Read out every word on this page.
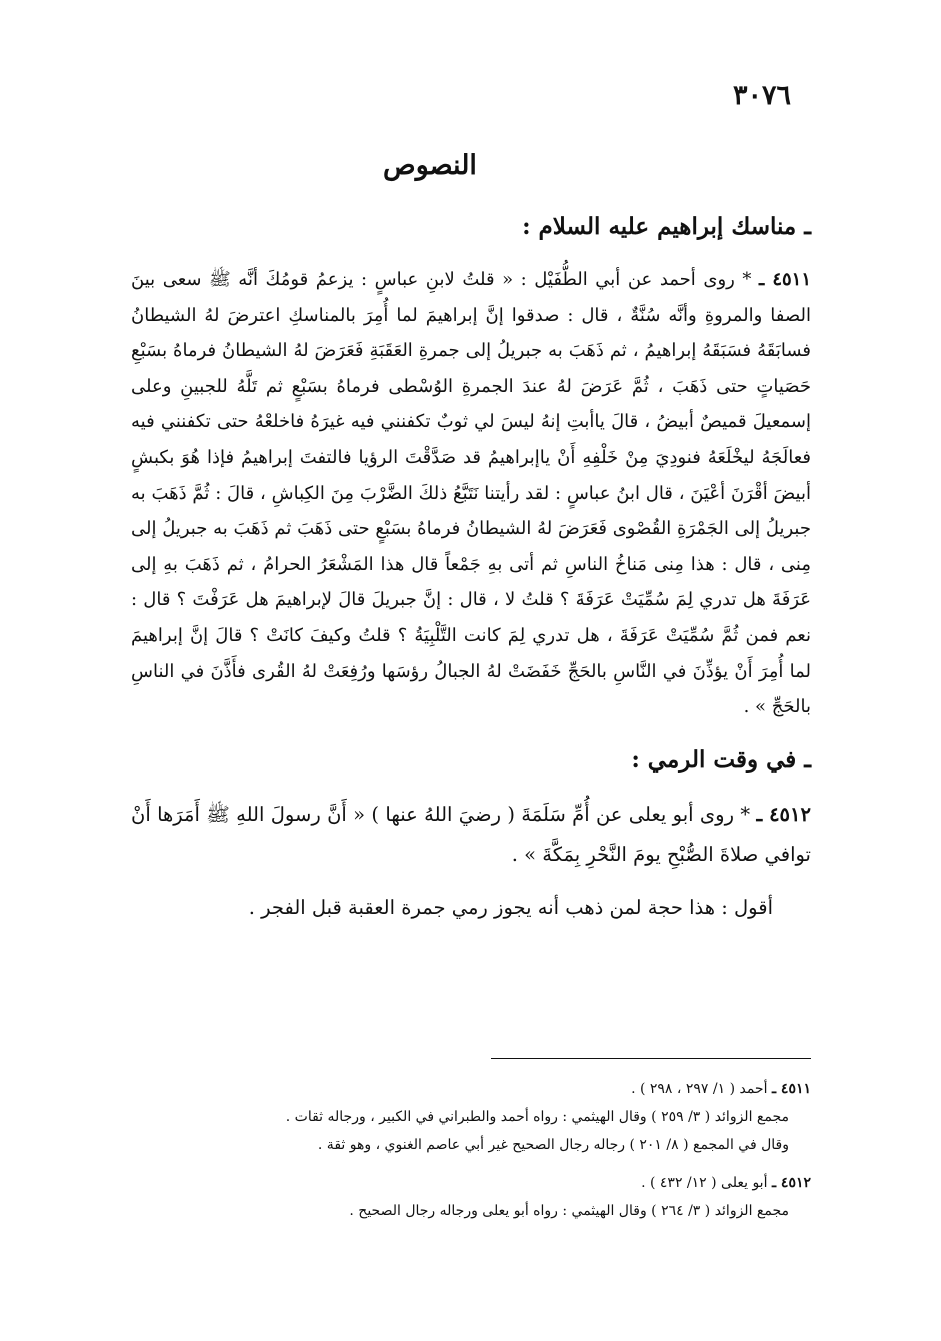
٣٠٧٦
النصوص
ـ مناسك إبراهيم عليه السلام :

٤٥١١ ـ * روى أحمد عن أبي الطُّفَيْل : « قلتُ لابنِ عباسٍ : يزعمُ قومُكَ أنَّه ﷺ سعى بينَ الصفا والمروةِ وأنَّه سُنَّةٌ ، قال : صدقوا إنَّ إبراهيمَ لما أُمِرَ بالمناسكِ اعترضَ لهُ الشيطانُ فسابَقَهُ فسَبَقَهُ إبراهيمُ ، ثم ذَهَبَ به جبريلُ إلى جمرةِ العَقَبَةِ فَعَرَضَ لهُ الشيطانُ فرماهُ بسَبْعِ حَصَياتٍ حتى ذَهَبَ ، ثُمَّ عَرَضَ لهُ عندَ الجمرةِ الوُسْطى فرماهُ بسَبْعٍ ثم تَلَّهُ للجبينِ وعلى إسمعيلَ قميصٌ أبيضُ ، قالَ ياأبتِ إنهُ ليسَ لي ثوبٌ تكفنني فيه غيرَهُ فاخلعْهُ حتى تكفنني فيه فعالَجَهُ ليخْلَعَهُ فنودِيَ مِنْ خَلْفِهِ أَنْ ياإبراهيمُ قد صَدَّقْتَ الرؤيا فالتفتَ إبراهيمُ فإذا هُوَ بكبشٍ أبيضَ أقْرَنَ أعْيَنَ ، قال ابنُ عباسٍ : لقد رأيتنا نَتَبَّعُ ذلكَ الضَّرْبَ مِنَ الكِباشِ ، قالَ : ثُمَّ ذَهَبَ به جبريلُ إلى الجَمْرَةِ القُصْوى فَعَرَضَ لهُ الشيطانُ فرماهُ بسَبْعٍ حتى ذَهَبَ ثم ذَهَبَ به جبريلُ إلى مِنى ، قال : هذا مِنى مَناخُ الناسِ ثم أتى بهِ جَمْعاً قال هذا المَشْعَرُ الحرامُ ، ثم ذَهَبَ بهِ إلى عَرَفَةَ هل تدري لِمَ سُمِّيَتْ عَرَفَةَ ؟ قلتُ لا ، قال : إنَّ جبريلَ قالَ لإبراهيمَ هل عَرَفْتَ ؟ قال : نعم فمن ثُمَّ سُمِّيَتْ عَرَفَةَ ، هل تدري لِمَ كانت التَّلْبِيَةُ ؟ قلتُ وكيفَ كانَتْ ؟ قالَ إنَّ إبراهيمَ لما أُمِرَ أَنْ يؤذِّنَ في النَّاسِ بالحَجِّ خَفَضَتْ لهُ الجبالُ رؤسَها ورُفِعَتْ لهُ القُرى فأَذَّنَ في الناسِ بالحَجِّ » .

ـ في وقت الرمي :

٤٥١٢ ـ * روى أبو يعلى عن أُمِّ سَلَمَةَ ( رضيَ اللهُ عنها ) « أَنَّ رسولَ اللهِ ﷺ أَمَرَها أَنْ توافي صلاةَ الصُّبْحِ يومَ النَّحْرِ بِمَكَّةَ » .

أقول : هذا حجة لمن ذهب أنه يجوز رمي جمرة العقبة قبل الفجر .

٤٥١١ ـ أحمد ( ١/ ٢٩٧ ، ٢٩٨ ) .

مجمع الزوائد ( ٣/ ٢٥٩ ) وقال الهيثمي : رواه أحمد والطبراني في الكبير ، ورجاله ثقات .

وقال في المجمع ( ٨/ ٢٠١ ) رجاله رجال الصحيح غير أبي عاصم الغنوي ، وهو ثقة .

٤٥١٢ ـ أبو يعلى ( ١٢/ ٤٣٢ ) .

مجمع الزوائد ( ٣/ ٢٦٤ ) وقال الهيثمي : رواه أبو يعلى ورجاله رجال الصحيح .
